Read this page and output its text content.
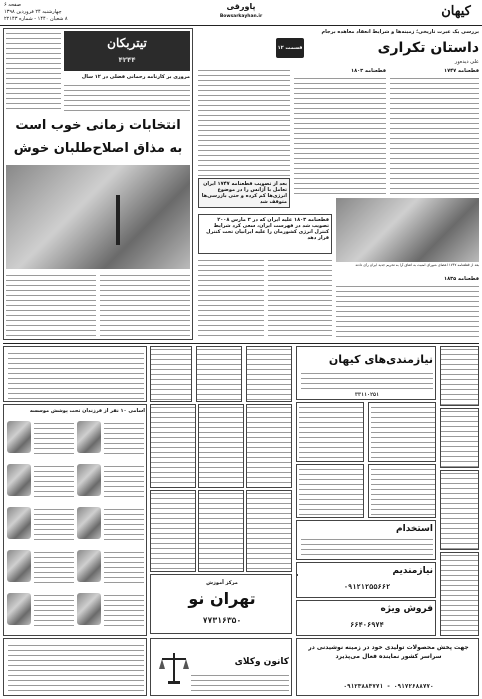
کیهان
پاورقی
Bowsarkayhan.ir
صفحه ۶
چهارشنبه ۲۴ فروردین ۱۳۹۸
۸ شعبان ۱۴۴۰ - شماره ۲۲۱۴۳
تیتربکان
۴۲۴۴
مروری بر کارنامه رحمانی فضلی در ۱۲ سال
انتخابات زمانی خوب است
به مذاق اصلاح‌طلبان خوش
بررسی یک عبرت تاریخی؛ زمینه‌ها و شرایط انعقاد معاهده برجام
داستان تکراری
قسمت ۱۲
علی دیده‌ور
قطعنامه ۱۷۴۷
قطعنامه ۱۸۰۳
بعد از تصویب قطعنامه ۱۷۴۷ ایران تعامل با آژانس را در موضوع انرژی‌ها کم کرده و حتی بازرسی‌ها متوقف شد
بعد از قطعنامه ۱۷۴۷ اعضای شورای امنیت به اتفاق آرا به تحریم جدید ایران رأی دادند
قطعنامه ۱۸۰۳ علیه ایران که در ۳ مارس ۲۰۰۸ تصویب شد در فهرست ایران، سعی کرد شرایط کنترل انرژی کشورمان را علیه ایرانیان تحت کنترل قرار دهد
قطعنامه ۱۸۳۵
نیازمندی‌های کیهان
۳۳۱۱۰۲۵۱
استخدام
نیازمندیم
۰۹۱۲۱۲۵۵۶۶۲
فروش ویژه
۶۶۴۰۶۹۷۴
اسامی ۱۰ نفر از فرزندان تحت پوشش موسسه
مرکز آموزش
تهران نو
۷۷۳۱۶۳۵۰
کانون وکلای
جهت پخش محصولات تولیدی خود در زمینه نوشیدنی در سراسر کشور نماینده فعال می‌پذیرد
۰۹۱۲۳۸۸۴۷۷۱ - ۰۹۱۷۲۶۸۸۷۷۰
